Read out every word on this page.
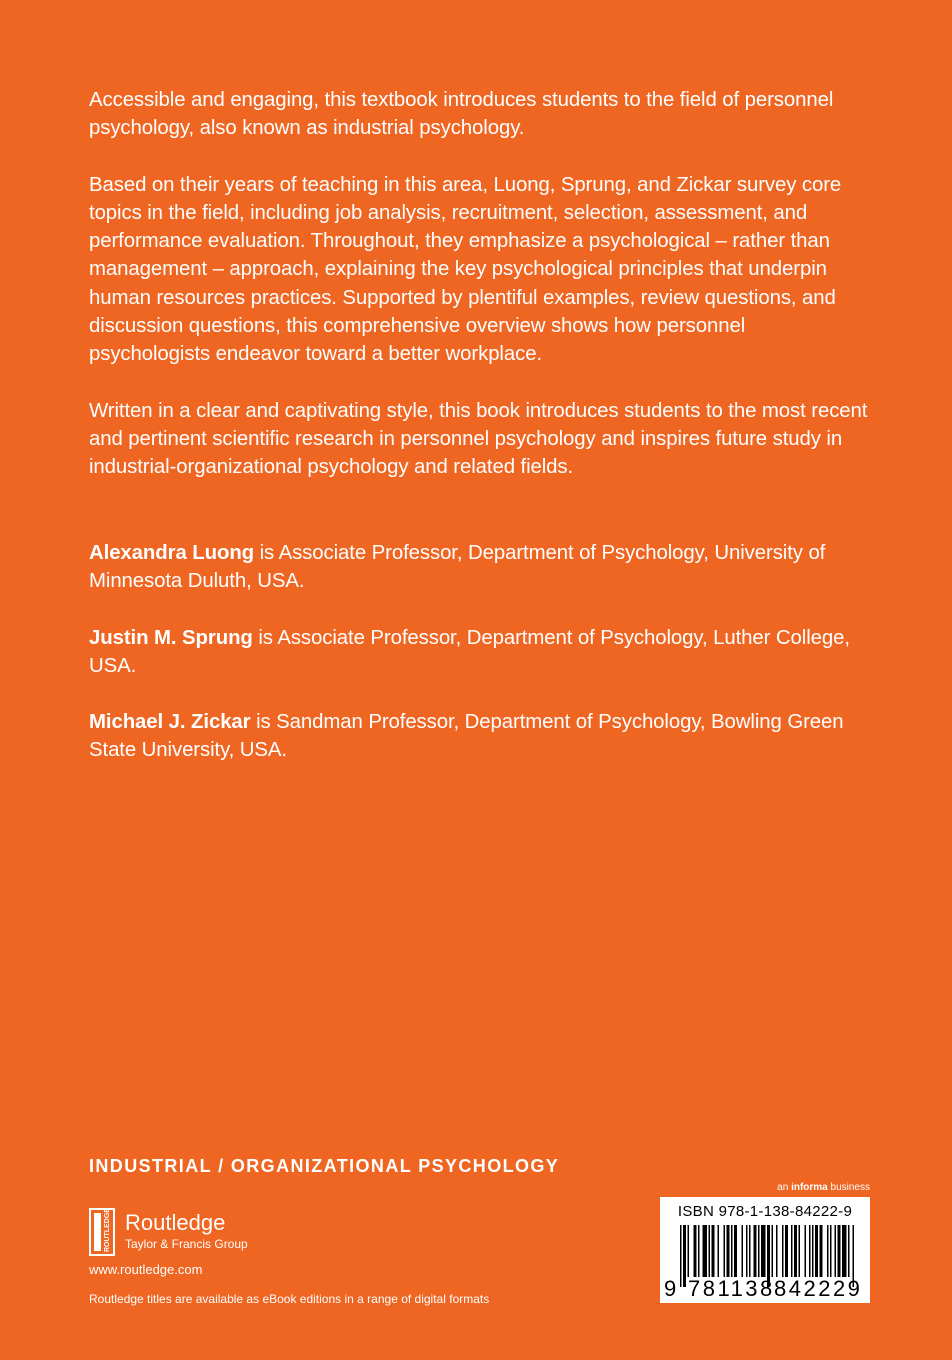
Accessible and engaging, this textbook introduces students to the field of personnel psychology, also known as industrial psychology.

Based on their years of teaching in this area, Luong, Sprung, and Zickar survey core topics in the field, including job analysis, recruitment, selection, assessment, and performance evaluation. Throughout, they emphasize a psychological – rather than management – approach, explaining the key psychological principles that underpin human resources practices. Supported by plentiful examples, review questions, and discussion questions, this comprehensive overview shows how personnel psychologists endeavor toward a better workplace.

Written in a clear and captivating style, this book introduces students to the most recent and pertinent scientific research in personnel psychology and inspires future study in industrial-organizational psychology and related fields.

Alexandra Luong is Associate Professor, Department of Psychology, University of Minnesota Duluth, USA.

Justin M. Sprung is Associate Professor, Department of Psychology, Luther College, USA.

Michael J. Zickar is Sandman Professor, Department of Psychology, Bowling Green State University, USA.

INDUSTRIAL / ORGANIZATIONAL PSYCHOLOGY
ROUTLEDGE Routledge
Taylor & Francis Group
www.routledge.com
Routledge titles are available as eBook editions in a range of digital formats
an informa business
ISBN 978-1-138-84222-9
9 781138 842229
